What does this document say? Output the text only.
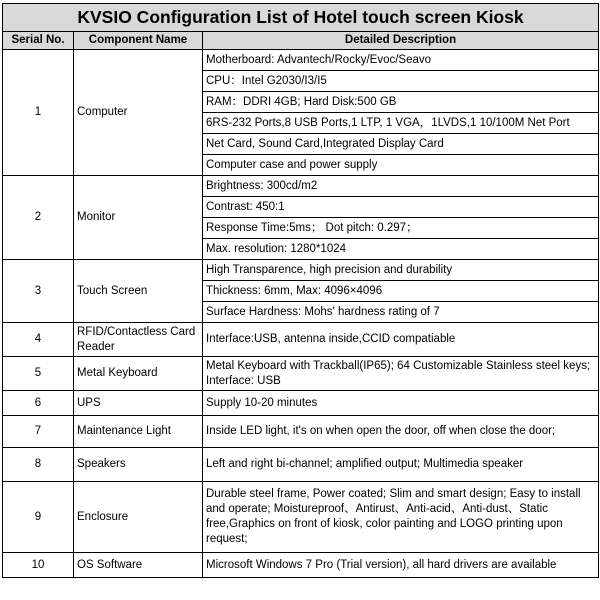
KVSIO Configuration List of Hotel touch screen Kiosk		
Serial No.	Component Name	Detailed Description
1	Computer	Motherboard: Advantech/Rocky/Evoc/Seavo
		CPU：Intel G2030/I3/I5
		RAM：DDRI 4GB; Hard Disk:500 GB
		6RS-232 Ports,8 USB Ports,1 LTP, 1 VGA，1LVDS,1 10/100M Net Port
		Net Card, Sound Card,Integrated Display Card
		Computer case and power supply
2	Monitor	Brightness: 300cd/m2
		Contrast: 450:1
		Response Time:5ms； Dot pitch: 0.297；
		Max. resolution: 1280*1024
3	Touch Screen	High Transparence, high precision and durability
		Thickness: 6mm, Max: 4096×4096
		Surface Hardness: Mohs' hardness rating of 7
4	RFID/Contactless Card Reader	Interface:USB, antenna inside,CCID compatiable
5	Metal Keyboard	Metal Keyboard with Trackball(IP65); 64 Customizable Stainless steel keys; Interface: USB
6	UPS	Supply 10-20 minutes
7	Maintenance Light	Inside LED light, it's on when open the door, off when close the door;
8	Speakers	Left and right bi-channel; amplified output; Multimedia speaker
9	Enclosure	Durable steel frame, Power coated; Slim and smart design; Easy to install and operate; Moistureproof、Antirust、Anti-acid、Anti-dust、Static free,Graphics on front of kiosk, color painting and LOGO printing upon request;
10	OS Software	Microsoft Windows 7 Pro (Trial version), all hard drivers are available
